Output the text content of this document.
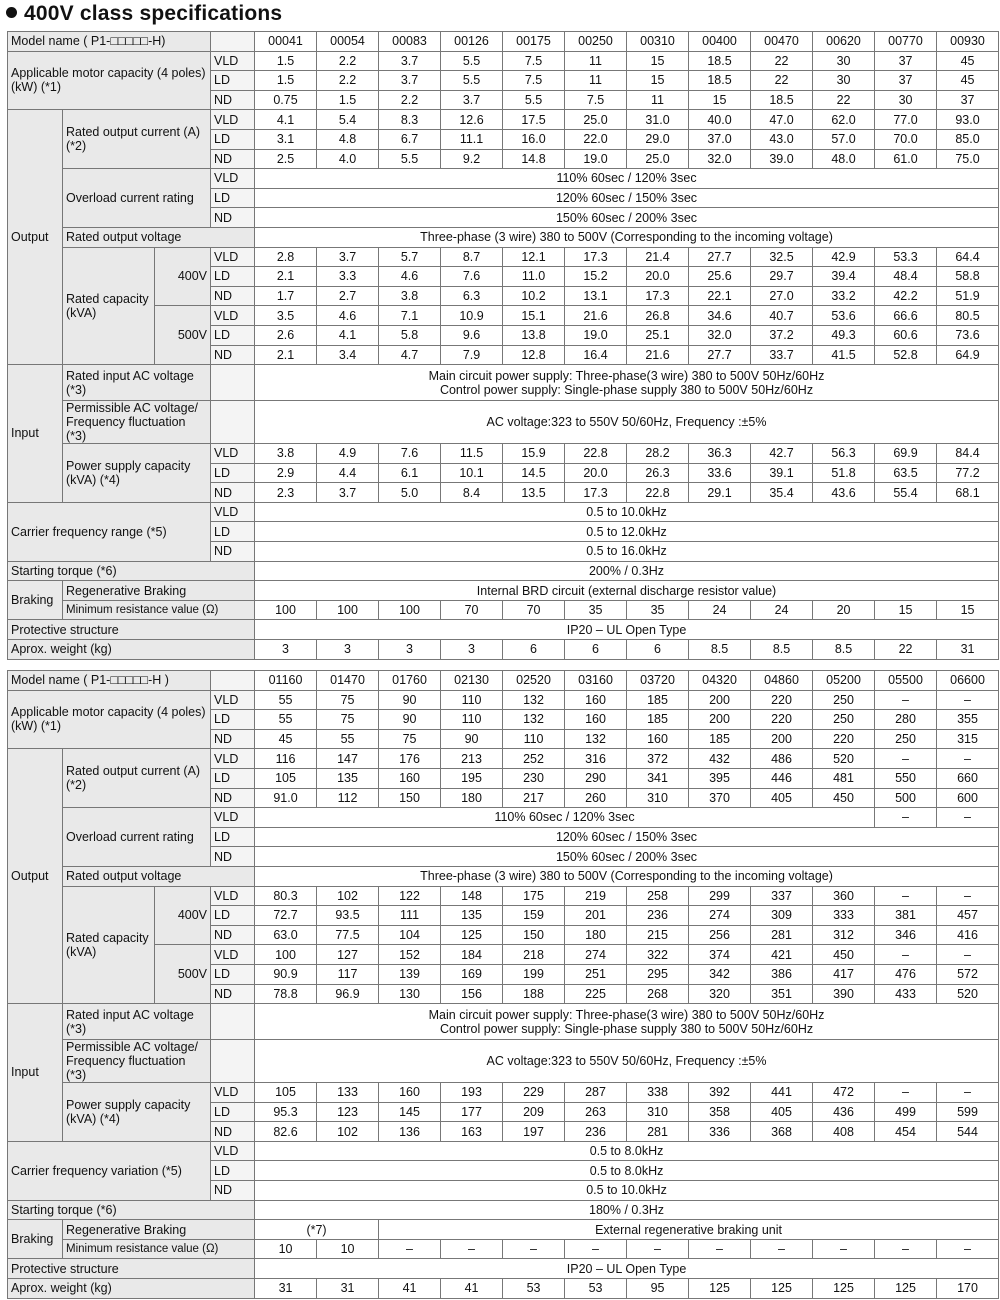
400V class specifications
Model name ( P1-□□□□□-H)				00041	00054	00083	00126	00175	00250	00310	00400	00470	00620	00770	00930
Applicable motor capacity (4 poles) (kW) (*1)			VLD	1.5	2.2	3.7	5.5	7.5	11	15	18.5	22	30	37	45
			LD	1.5	2.2	3.7	5.5	7.5	11	15	18.5	22	30	37	45
			ND	0.75	1.5	2.2	3.7	5.5	7.5	11	15	18.5	22	30	37
Output	Rated output current (A)(*2)		VLD	4.1	5.4	8.3	12.6	17.5	25.0	31.0	40.0	47.0	62.0	77.0	93.0
			LD	3.1	4.8	6.7	11.1	16.0	22.0	29.0	37.0	43.0	57.0	70.0	85.0
			ND	2.5	4.0	5.5	9.2	14.8	19.0	25.0	32.0	39.0	48.0	61.0	75.0
	Overload current rating		VLD	110% 60sec / 120% 3sec											
			LD	120% 60sec / 150% 3sec											
			ND	150% 60sec / 200% 3sec											
	Rated output voltage			Three-phase (3 wire) 380 to 500V (Corresponding to the incoming voltage)											
	Rated capacity (kVA)	400V	VLD	2.8	3.7	5.7	8.7	12.1	17.3	21.4	27.7	32.5	42.9	53.3	64.4
			LD	2.1	3.3	4.6	7.6	11.0	15.2	20.0	25.6	29.7	39.4	48.4	58.8
			ND	1.7	2.7	3.8	6.3	10.2	13.1	17.3	22.1	27.0	33.2	42.2	51.9
		500V	VLD	3.5	4.6	7.1	10.9	15.1	21.6	26.8	34.6	40.7	53.6	66.6	80.5
			LD	2.6	4.1	5.8	9.6	13.8	19.0	25.1	32.0	37.2	49.3	60.6	73.6
			ND	2.1	3.4	4.7	7.9	12.8	16.4	21.6	27.7	33.7	41.5	52.8	64.9
Input	Rated input AC voltage (*3)			Main circuit power supply: Three-phase(3 wire) 380 to 500V 50Hz/60Hz
Control power supply: Single-phase supply 380 to 500V 50Hz/60Hz											

	Permissible AC voltage/ Frequency fluctuation (*3)			AC voltage:323 to 550V 50/60Hz, Frequency :±5%											
	Power supply capacity (kVA) (*4)		VLD	3.8	4.9	7.6	11.5	15.9	22.8	28.2	36.3	42.7	56.3	69.9	84.4
			LD	2.9	4.4	6.1	10.1	14.5	20.0	26.3	33.6	39.1	51.8	63.5	77.2
			ND	2.3	3.7	5.0	8.4	13.5	17.3	22.8	29.1	35.4	43.6	55.4	68.1
Carrier frequency range (*5)			VLD	0.5 to 10.0kHz											
			LD	0.5 to 12.0kHz											
			ND	0.5 to 16.0kHz											
Starting torque (*6)				200% / 0.3Hz											
Braking	Regenerative Braking			Internal BRD circuit (external discharge resistor value)											
	Minimum resistance value (Ω)			100	100	100	70	70	35	35	24	24	20	15	15
Protective structure				IP20 – UL Open Type											
Aprox. weight (kg)				3	3	3	3	6	6	6	8.5	8.5	8.5	22	31
Model name ( P1-□□□□□-H )				01160	01470	01760	02130	02520	03160	03720	04320	04860	05200	05500	06600
Applicable motor capacity (4 poles) (kW) (*1)			VLD	55	75	90	110	132	160	185	200	220	250	–	–
			LD	55	75	90	110	132	160	185	200	220	250	280	355
			ND	45	55	75	90	110	132	160	185	200	220	250	315
Output	Rated output current (A)(*2)		VLD	116	147	176	213	252	316	372	432	486	520	–	–
			LD	105	135	160	195	230	290	341	395	446	481	550	660
			ND	91.0	112	150	180	217	260	310	370	405	450	500	600
	Overload current rating		VLD	110% 60sec / 120% 3sec										–	–
			LD	120% 60sec / 150% 3sec											
			ND	150% 60sec / 200% 3sec											
	Rated output voltage			Three-phase (3 wire) 380 to 500V (Corresponding to the incoming voltage)											
	Rated capacity (kVA)	400V	VLD	80.3	102	122	148	175	219	258	299	337	360	–	–
			LD	72.7	93.5	111	135	159	201	236	274	309	333	381	457
			ND	63.0	77.5	104	125	150	180	215	256	281	312	346	416
		500V	VLD	100	127	152	184	218	274	322	374	421	450	–	–
			LD	90.9	117	139	169	199	251	295	342	386	417	476	572
			ND	78.8	96.9	130	156	188	225	268	320	351	390	433	520
Input	Rated input AC voltage (*3)			Main circuit power supply: Three-phase(3 wire) 380 to 500V 50Hz/60Hz
Control power supply: Single-phase supply 380 to 500V 50Hz/60Hz											

	Permissible AC voltage/ Frequency fluctuation (*3)			AC voltage:323 to 550V 50/60Hz, Frequency :±5%											
	Power supply capacity (kVA) (*4)		VLD	105	133	160	193	229	287	338	392	441	472	–	–
			LD	95.3	123	145	177	209	263	310	358	405	436	499	599
			ND	82.6	102	136	163	197	236	281	336	368	408	454	544
Carrier frequency variation (*5)			VLD	0.5 to 8.0kHz											
			LD	0.5 to 8.0kHz											
			ND	0.5 to 10.0kHz											
Starting torque (*6)				180% / 0.3Hz											
Braking	Regenerative Braking			(*7)		External regenerative braking unit									
	Minimum resistance value (Ω)			10	10	–	–	–	–	–	–	–	–	–	–
Protective structure				IP20 – UL Open Type											
Aprox. weight (kg)				31	31	41	41	53	53	95	125	125	125	125	170
